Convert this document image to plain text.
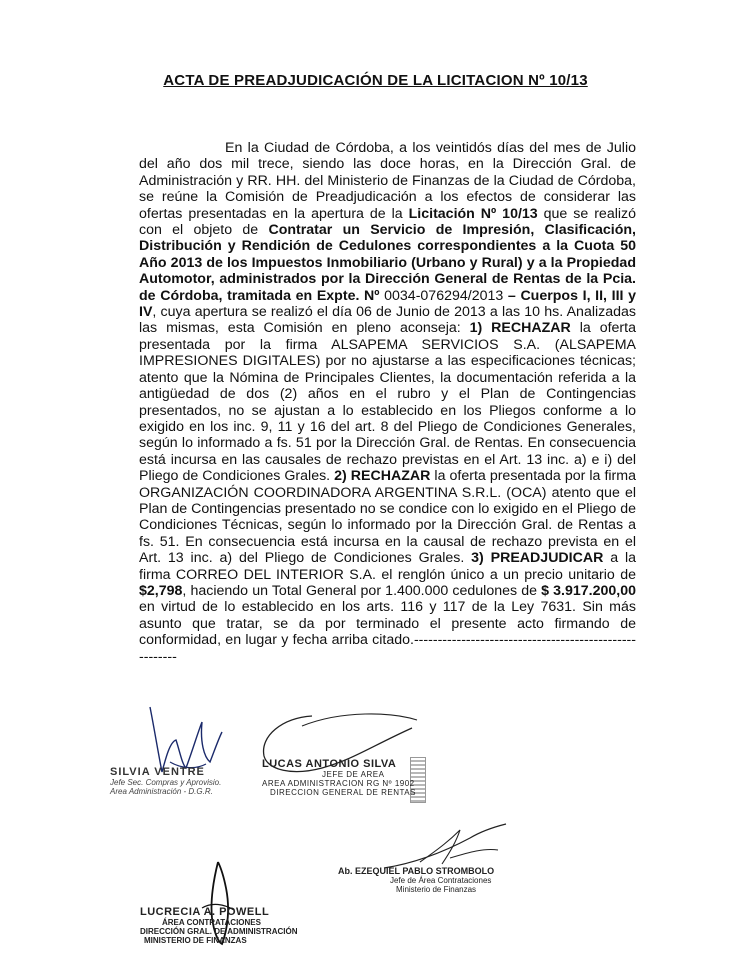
ACTA DE PREADJUDICACIÓN DE LA LICITACION Nº 10/13
En la Ciudad de Córdoba, a los veintidós días del mes de Julio del año dos mil trece, siendo las doce horas, en la Dirección Gral. de Administración y RR. HH. del Ministerio de Finanzas de la Ciudad de Córdoba, se reúne la Comisión de Preadjudicación a los efectos de considerar las ofertas presentadas en la apertura de la Licitación Nº 10/13 que se realizó con el objeto de Contratar un Servicio de Impresión, Clasificación, Distribución y Rendición de Cedulones correspondientes a la Cuota 50 Año 2013 de los Impuestos Inmobiliario (Urbano y Rural) y a la Propiedad Automotor, administrados por la Dirección General de Rentas de la Pcia. de Córdoba, tramitada en Expte. Nº 0034-076294/2013 – Cuerpos I, II, III y IV, cuya apertura se realizó el día 06 de Junio de 2013 a las 10 hs. Analizadas las mismas, esta Comisión en pleno aconseja: 1) RECHAZAR la oferta presentada por la firma ALSAPEMA SERVICIOS S.A. (ALSAPEMA IMPRESIONES DIGITALES) por no ajustarse a las especificaciones técnicas; atento que la Nómina de Principales Clientes, la documentación referida a la antigüedad de dos (2) años en el rubro y el Plan de Contingencias presentados, no se ajustan a lo establecido en los Pliegos conforme a lo exigido en los inc. 9, 11 y 16 del art. 8 del Pliego de Condiciones Generales, según lo informado a fs. 51 por la Dirección Gral. de Rentas. En consecuencia está incursa en las causales de rechazo previstas en el Art. 13 inc. a) e i) del Pliego de Condiciones Grales. 2) RECHAZAR la oferta presentada por la firma ORGANIZACIÓN COORDINADORA ARGENTINA S.R.L. (OCA) atento que el Plan de Contingencias presentado no se condice con lo exigido en el Pliego de Condiciones Técnicas, según lo informado por la Dirección Gral. de Rentas a fs. 51. En consecuencia está incursa en la causal de rechazo prevista en el Art. 13 inc. a) del Pliego de Condiciones Grales. 3) PREADJUDICAR a la firma CORREO DEL INTERIOR S.A. el renglón único a un precio unitario de $2,798, haciendo un Total General por 1.400.000 cedulones de $ 3.917.200,00 en virtud de lo establecido en los arts. 116 y 117 de la Ley 7631. Sin más asunto que tratar, se da por terminado el presente acto firmando de conformidad, en lugar y fecha arriba citado.-------------------------------------------------------
SILVIA VENTRE
Jefe Sec. Compras y Aprovisio.
Area Administración - D.G.R.
LUCAS ANTONIO SILVA
JEFE DE AREA
AREA ADMINISTRACION RG Nº 1902
DIRECCION GENERAL DE RENTAS
Ab. EZEQUIEL PABLO STROMBOLO
Jefe de Área Contrataciones
Ministerio de Finanzas
LUCRECIA A. POWELL
ÁREA CONTRATACIONES
DIRECCIÓN GRAL. DE ADMINISTRACIÓN
MINISTERIO DE FINANZAS
